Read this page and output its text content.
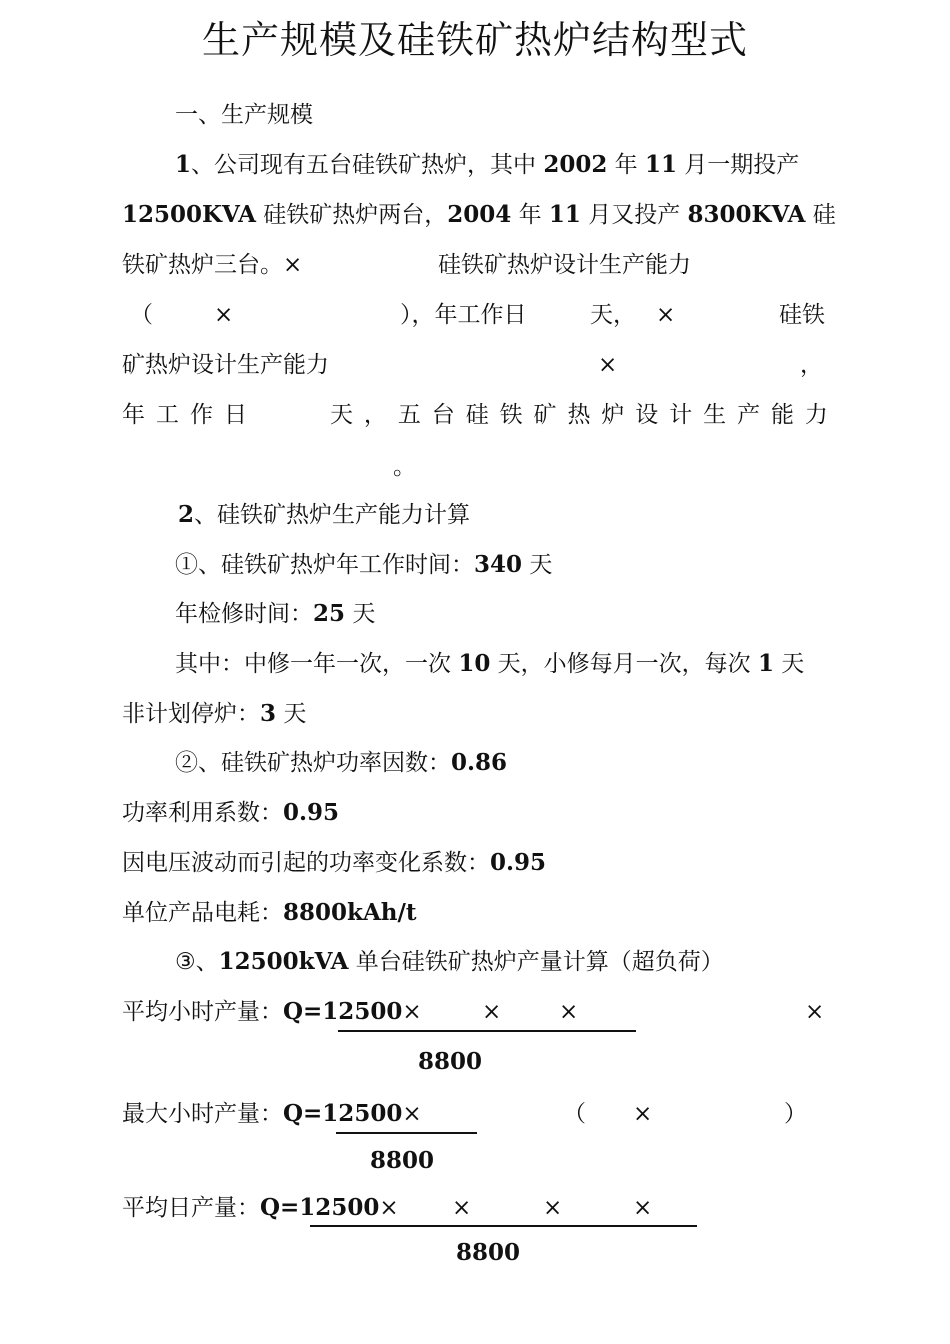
生产规模及硅铁矿热炉结构型式
一、生产规模
1、公司现有五台硅铁矿热炉，其中 2002 年 11 月一期投产
12500KVA 硅铁矿热炉两台，2004 年 11 月又投产 8300KVA 硅
铁矿热炉三台。×	硅铁矿热炉设计生产能力
（	×	），年工作日	天， ×	硅铁
矿热炉设计生产能力	×	，
年 工 作 日	天 ， 五 台 硅 铁 矿 热 炉 设 计 生 产 能 力
。
2、硅铁矿热炉生产能力计算
①、硅铁矿热炉年工作时间：340 天
年检修时间：25 天
其中：中修一年一次，一次 10 天，小修每月一次，每次 1 天
非计划停炉：3 天
②、硅铁矿热炉功率因数：0.86
功率利用系数：0.95
因电压波动而引起的功率变化系数：0.95
单位产品电耗：8800kAh/t
③、12500kVA 单台硅铁矿热炉产量计算（超负荷）
平均小时产量：Q=12500×	×	×	×
8800
最大小时产量：Q=12500×	（ ×	）
8800
平均日产量：Q=12500× ×	×	×
8800
